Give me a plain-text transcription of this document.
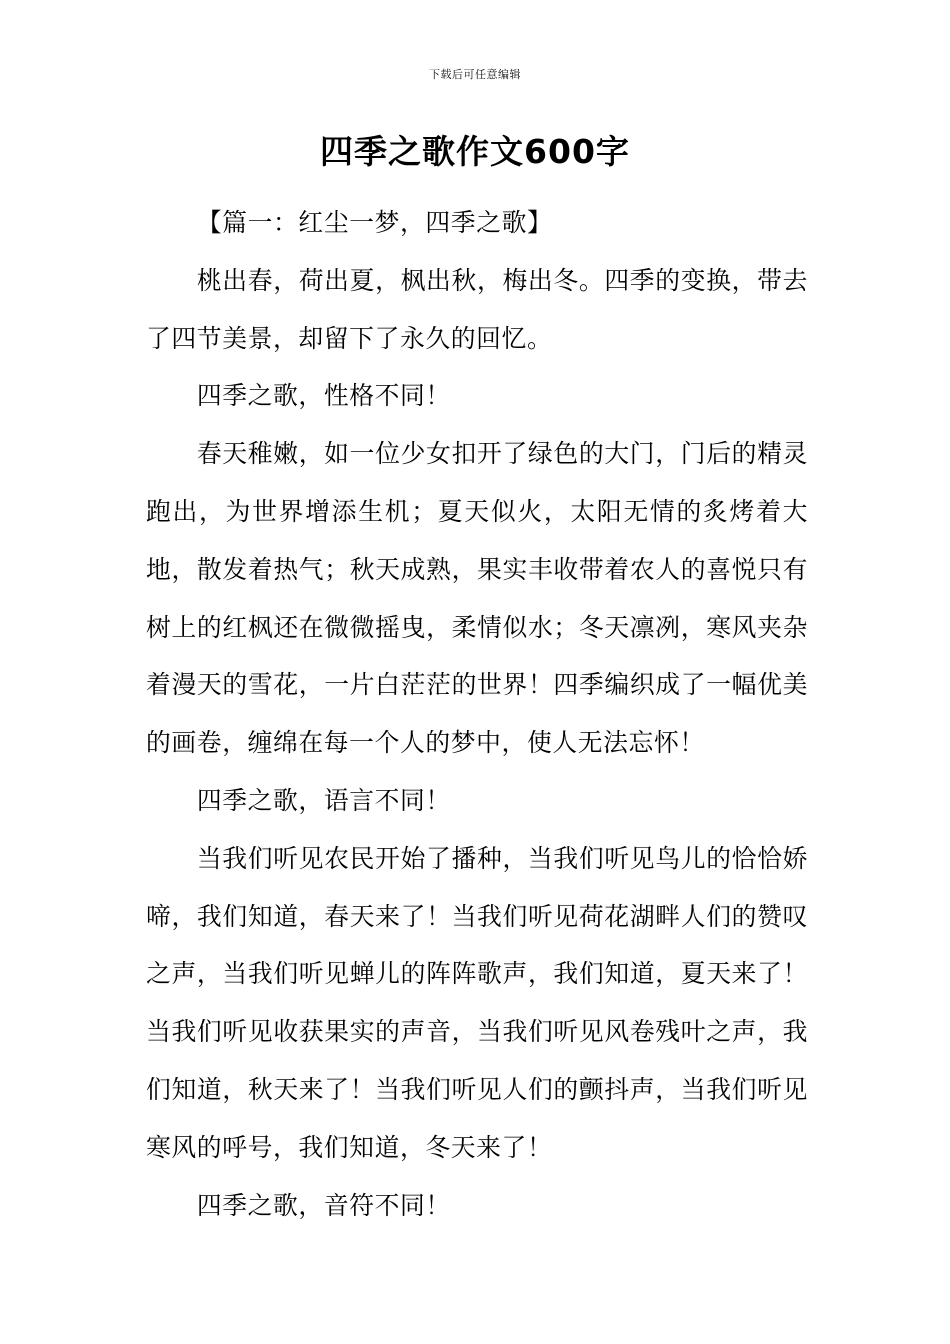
下载后可任意编辑
四季之歌作文600字

【篇一：红尘一梦，四季之歌】

桃出春，荷出夏，枫出秋，梅出冬。四季的变换，带去了四节美景，却留下了永久的回忆。

四季之歌，性格不同！

春天稚嫩，如一位少女扣开了绿色的大门，门后的精灵跑出，为世界增添生机；夏天似火，太阳无情的炙烤着大地，散发着热气；秋天成熟，果实丰收带着农人的喜悦只有树上的红枫还在微微摇曳，柔情似水；冬天凛冽，寒风夹杂着漫天的雪花，一片白茫茫的世界！四季编织成了一幅优美的画卷，缠绵在每一个人的梦中，使人无法忘怀！

四季之歌，语言不同！

当我们听见农民开始了播种，当我们听见鸟儿的恰恰娇啼，我们知道，春天来了！当我们听见荷花湖畔人们的赞叹之声，当我们听见蝉儿的阵阵歌声，我们知道，夏天来了！当我们听见收获果实的声音，当我们听见风卷残叶之声，我们知道，秋天来了！当我们听见人们的颤抖声，当我们听见寒风的呼号，我们知道，冬天来了！

四季之歌，音符不同！
